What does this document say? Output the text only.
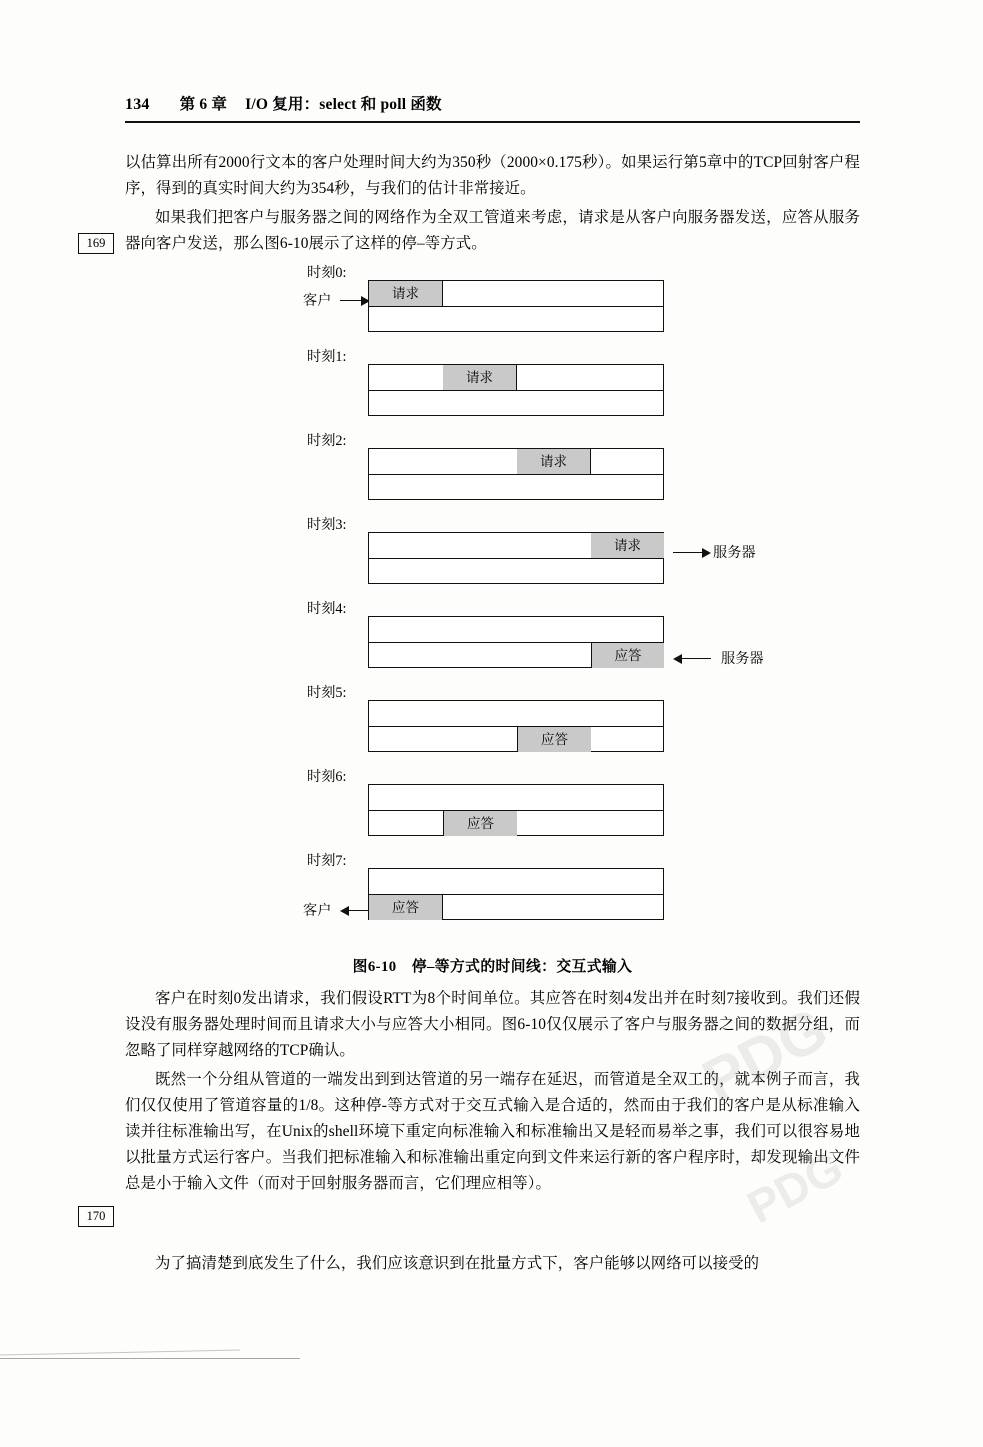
134 第 6 章 I/O 复用：select 和 poll 函数
以估算出所有2000行文本的客户处理时间大约为350秒（2000×0.175秒）。如果运行第5章中的TCP回射客户程序，得到的真实时间大约为354秒，与我们的估计非常接近。
如果我们把客户与服务器之间的网络作为全双工管道来考虑，请求是从客户向服务器发送，应答从服务器向客户发送，那么图6-10展示了这样的停–等方式。
169
时刻0:
客户	请求
时刻1:
请求
时刻2:
请求
时刻3:
请求	服务器
时刻4:
应答	服务器
时刻5:
应答
时刻6:
应答
时刻7:
客户	应答
图6-10　停–等方式的时间线：交互式输入
客户在时刻0发出请求，我们假设RTT为8个时间单位。其应答在时刻4发出并在时刻7接收到。我们还假设没有服务器处理时间而且请求大小与应答大小相同。图6-10仅仅展示了客户与服务器之间的数据分组，而忽略了同样穿越网络的TCP确认。
既然一个分组从管道的一端发出到到达管道的另一端存在延迟，而管道是全双工的，就本例子而言，我们仅仅使用了管道容量的1/8。这种停-等方式对于交互式输入是合适的，然而由于我们的客户是从标准输入读并往标准输出写，在Unix的shell环境下重定向标准输入和标准输出又是轻而易举之事，我们可以很容易地以批量方式运行客户。当我们把标准输入和标准输出重定向到文件来运行新的客户程序时，却发现输出文件总是小于输入文件（而对于回射服务器而言，它们理应相等）。
170
为了搞清楚到底发生了什么，我们应该意识到在批量方式下，客户能够以网络可以接受的
PDG
PDG
